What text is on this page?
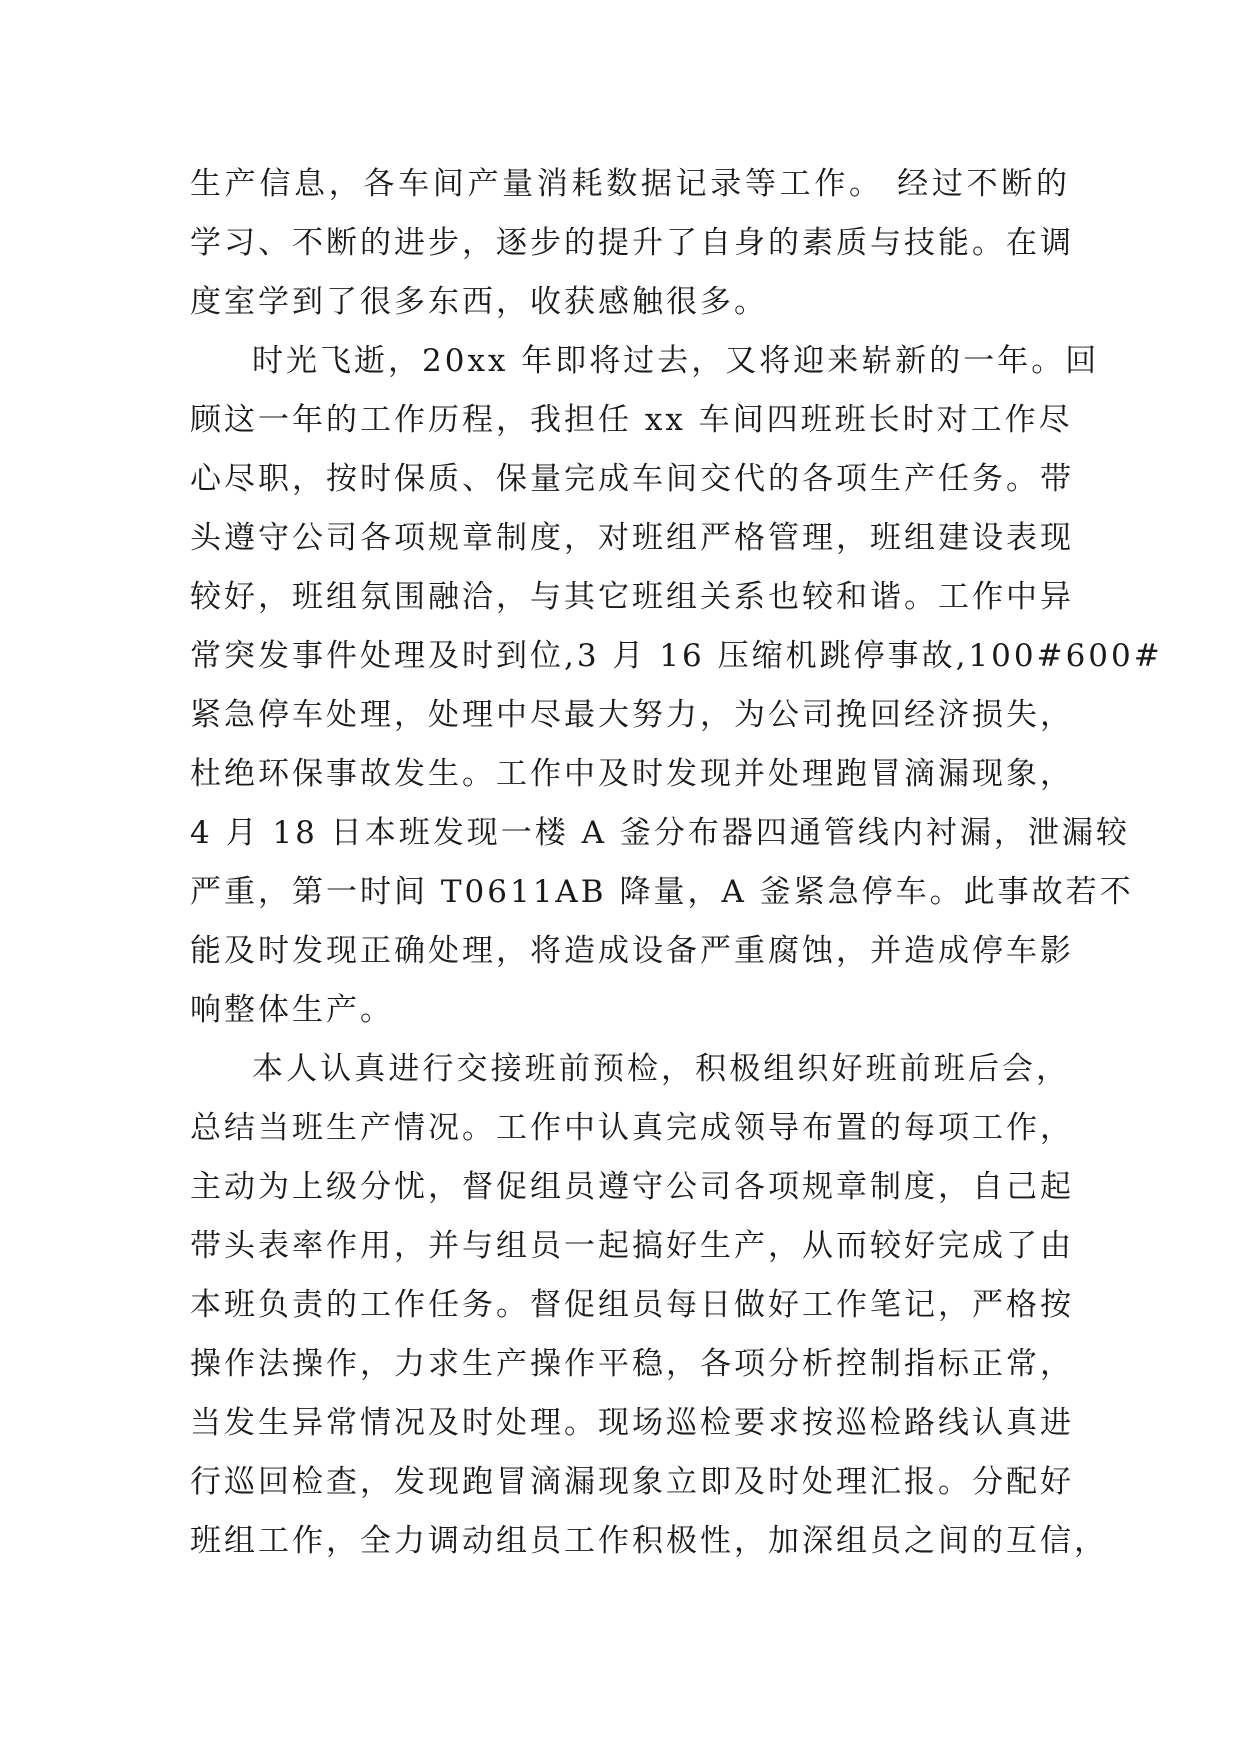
生产信息，各车间产量消耗数据记录等工作。 经过不断的
学习、不断的进步，逐步的提升了自身的素质与技能。在调
度室学到了很多东西，收获感触很多。
时光飞逝，20xx 年即将过去，又将迎来崭新的一年。回
顾这一年的工作历程，我担任 xx 车间四班班长时对工作尽
心尽职，按时保质、保量完成车间交代的各项生产任务。带
头遵守公司各项规章制度，对班组严格管理，班组建设表现
较好，班组氛围融洽，与其它班组关系也较和谐。工作中异
常突发事件处理及时到位,3 月 16 压缩机跳停事故,100#600#
紧急停车处理，处理中尽最大努力，为公司挽回经济损失，
杜绝环保事故发生。工作中及时发现并处理跑冒滴漏现象，
4 月 18 日本班发现一楼 A 釜分布器四通管线内衬漏，泄漏较
严重，第一时间 T0611AB 降量，A 釜紧急停车。此事故若不
能及时发现正确处理，将造成设备严重腐蚀，并造成停车影
响整体生产。
本人认真进行交接班前预检，积极组织好班前班后会，
总结当班生产情况。工作中认真完成领导布置的每项工作，
主动为上级分忧，督促组员遵守公司各项规章制度，自己起
带头表率作用，并与组员一起搞好生产，从而较好完成了由
本班负责的工作任务。督促组员每日做好工作笔记，严格按
操作法操作，力求生产操作平稳，各项分析控制指标正常，
当发生异常情况及时处理。现场巡检要求按巡检路线认真进
行巡回检查，发现跑冒滴漏现象立即及时处理汇报。分配好
班组工作，全力调动组员工作积极性，加深组员之间的互信，
